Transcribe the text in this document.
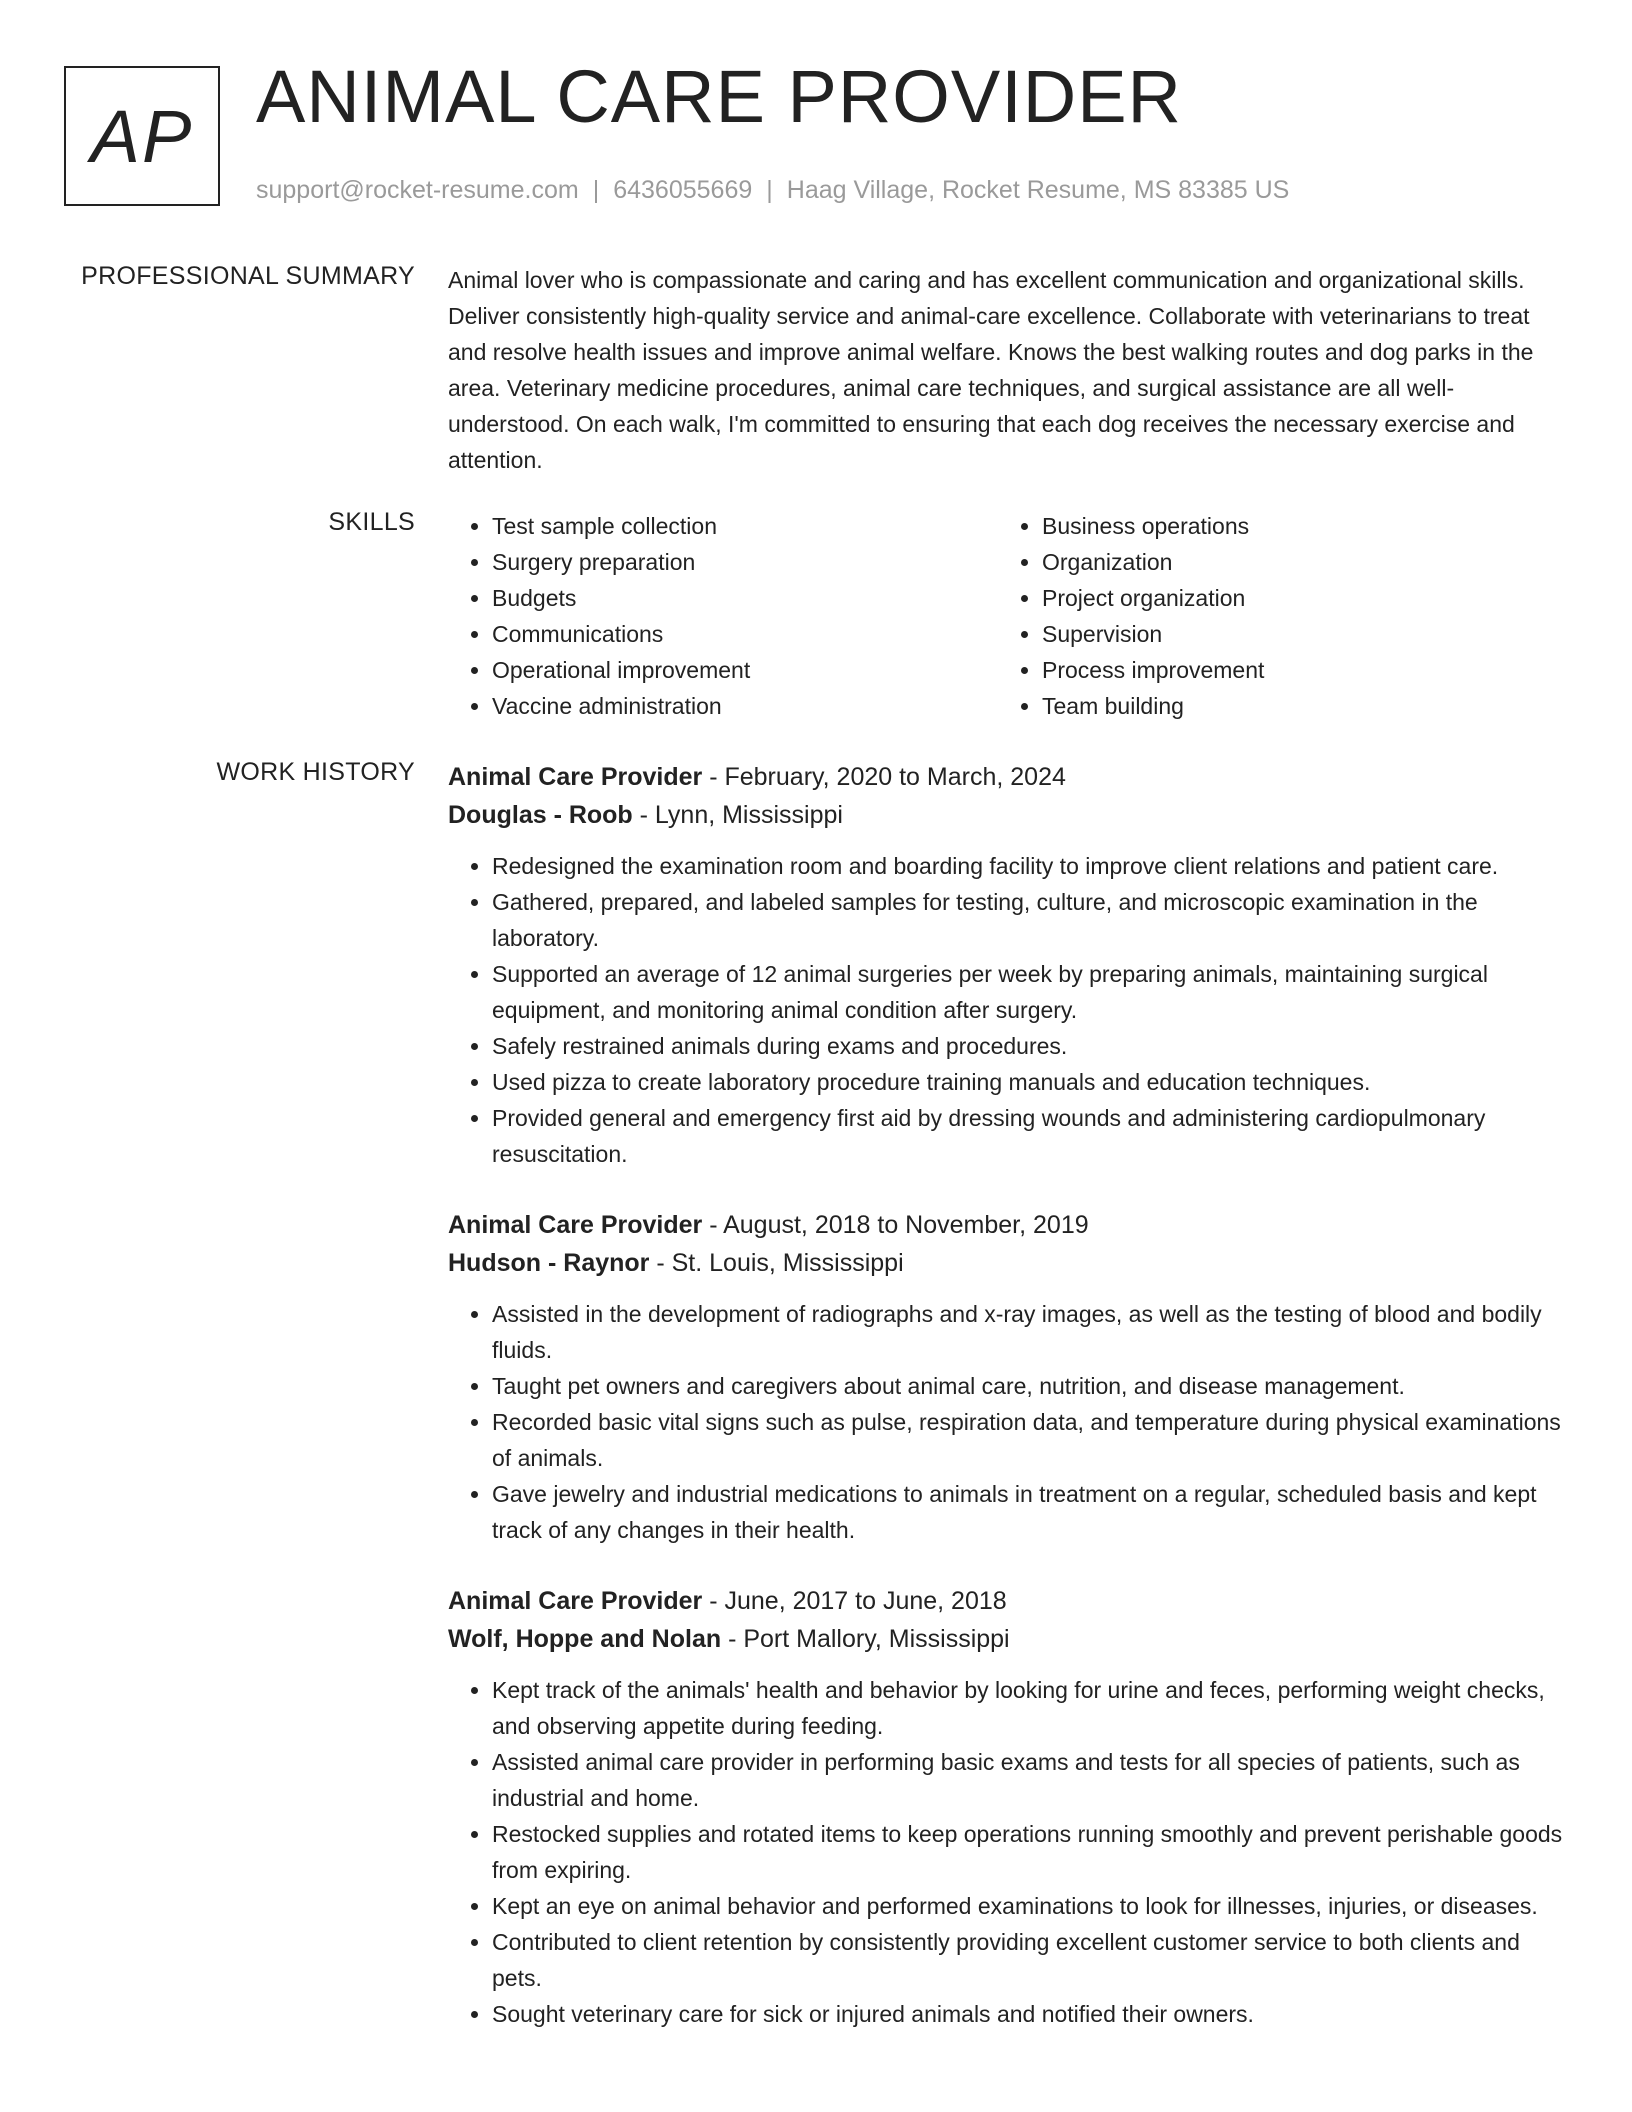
AP ANIMAL CARE PROVIDER
support@rocket-resume.com | 6436055669 | Haag Village, Rocket Resume, MS 83385 US
PROFESSIONAL SUMMARY Animal lover who is compassionate and caring and has excellent communication and organizational skills. Deliver consistently high-quality service and animal-care excellence. Collaborate with veterinarians to treat and resolve health issues and improve animal welfare. Knows the best walking routes and dog parks in the area. Veterinary medicine procedures, animal care techniques, and surgical assistance are all well-understood. On each walk, I'm committed to ensuring that each dog receives the necessary exercise and attention.

SKILLS
•	Test sample collection
• Surgery preparation
• Budgets
• Communications
• Operational improvement
• Vaccine administration
• Business operations
• Organization
• Project organization
• Supervision
• Process improvement
• Team building
WORK HISTORY Animal Care Provider - February, 2020 to March, 2024
Douglas - Roob - Lynn, Mississippi
• Redesigned the examination room and boarding facility to improve client relations and patient care.
• Gathered, prepared, and labeled samples for testing, culture, and microscopic examination in the laboratory.
• Supported an average of 12 animal surgeries per week by preparing animals, maintaining surgical equipment, and monitoring animal condition after surgery.
• Safely restrained animals during exams and procedures.
• Used pizza to create laboratory procedure training manuals and education techniques.
• Provided general and emergency first aid by dressing wounds and administering cardiopulmonary resuscitation.
Animal Care Provider - August, 2018 to November, 2019
Hudson - Raynor - St. Louis, Mississippi
• Assisted in the development of radiographs and x-ray images, as well as the testing of blood and bodily fluids.
• Taught pet owners and caregivers about animal care, nutrition, and disease management.
• Recorded basic vital signs such as pulse, respiration data, and temperature during physical examinations of animals.
• Gave jewelry and industrial medications to animals in treatment on a regular, scheduled basis and kept track of any changes in their health.
Animal Care Provider - June, 2017 to June, 2018
Wolf, Hoppe and Nolan - Port Mallory, Mississippi
• Kept track of the animals' health and behavior by looking for urine and feces, performing weight checks, and observing appetite during feeding.
• Assisted animal care provider in performing basic exams and tests for all species of patients, such as industrial and home.
• Restocked supplies and rotated items to keep operations running smoothly and prevent perishable goods from expiring.
• Kept an eye on animal behavior and performed examinations to look for illnesses, injuries, or diseases.
• Contributed to client retention by consistently providing excellent customer service to both clients and pets.
• Sought veterinary care for sick or injured animals and notified their owners.
